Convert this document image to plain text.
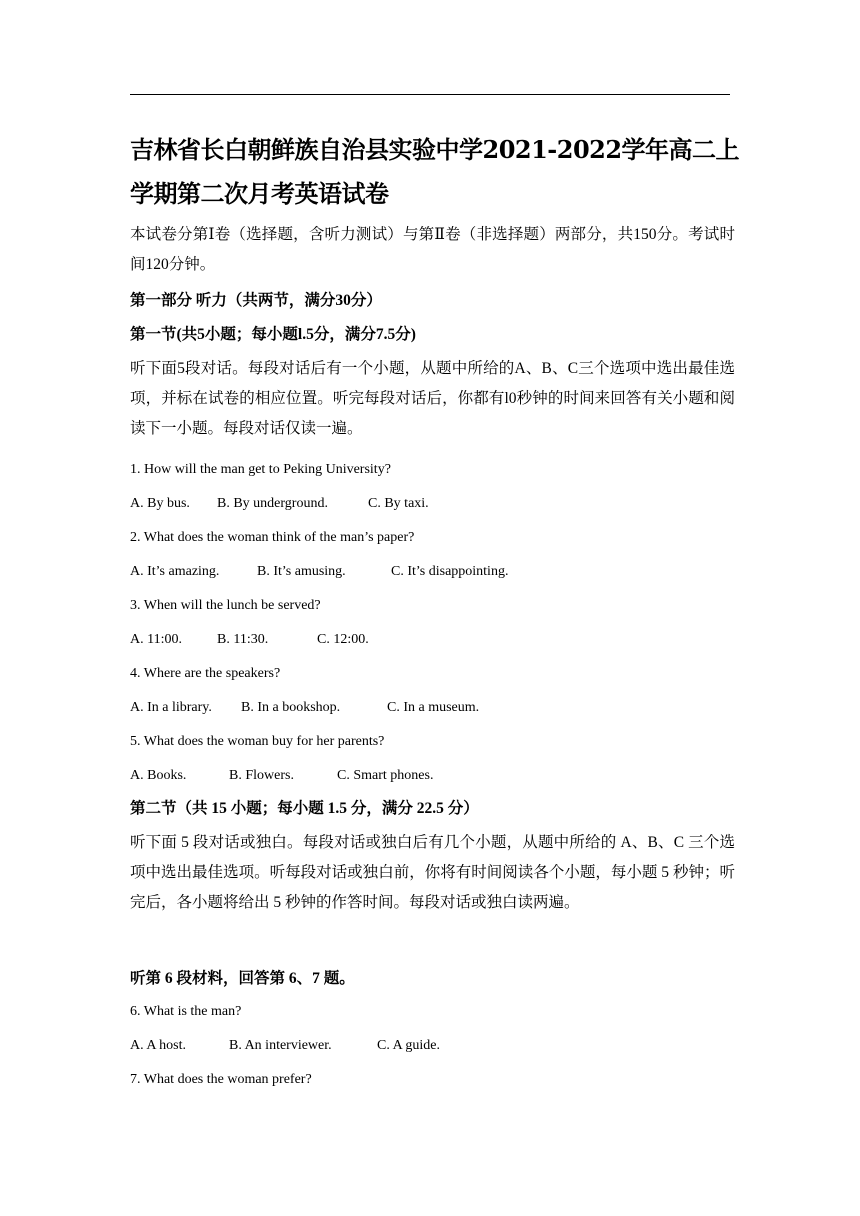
吉林省长白朝鲜族自治县实验中学2021-2022学年高二上学期第二次月考英语试卷
本试卷分第Ⅰ卷（选择题，含听力测试）与第Ⅱ卷（非选择题）两部分，共150分。考试时间120分钟。
第一部分 听力（共两节，满分30分）
第一节(共5小题；每小题l.5分，满分7.5分)
听下面5段对话。每段对话后有一个小题，从题中所给的A、B、C三个选项中选出最佳选项，并标在试卷的相应位置。听完每段对话后，你都有l0秒钟的时间来回答有关小题和阅读下一小题。每段对话仅读一遍。
1. How will the man get to Peking University?
A. By bus. B. By underground.	C. By taxi.
2. What does the woman think of the man’s paper?
A. It’s amazing.	B. It’s amusing.	C. It’s disappointing.
3. When will the lunch be served?
A. 11:00.	B. 11:30.	C. 12:00.
4. Where are the speakers?
A. In a library. B. In a bookshop.	C. In a museum.
5. What does the woman buy for her parents?
A. Books.	B. Flowers.	C. Smart phones.
第二节（共 15 小题；每小题 1.5 分，满分 22.5 分）
听下面 5 段对话或独白。每段对话或独白后有几个小题，从题中所给的 A、B、C 三个选项中选出最佳选项。听每段对话或独白前，你将有时间阅读各个小题，每小题 5 秒钟；听完后，各小题将给出 5 秒钟的作答时间。每段对话或独白读两遍。
听第 6 段材料，回答第 6、7 题。
6. What is the man?
A. A host.	B. An interviewer.	C. A guide.
7. What does the woman prefer?
